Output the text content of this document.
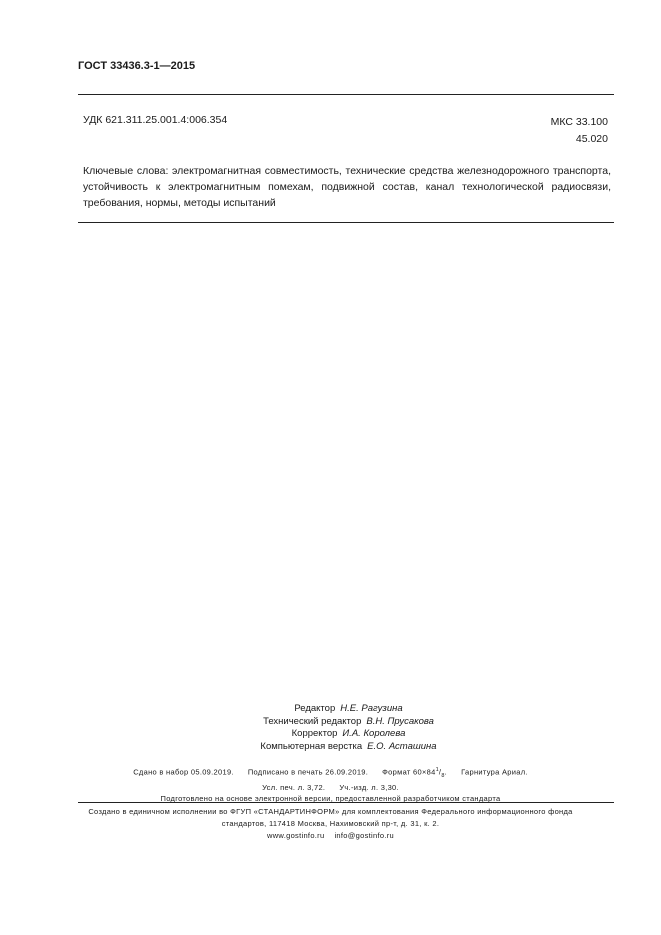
ГОСТ 33436.3-1—2015
УДК 621.311.25.001.4:006.354	МКС 33.100
45.020
Ключевые слова: электромагнитная совместимость, технические средства железнодорожного транспорта, устойчивость к электромагнитным помехам, подвижной состав, канал технологической радиосвязи, требования, нормы, методы испытаний
Редактор Н.Е. Рагузина
Технический редактор В.Н. Прусакова
Корректор И.А. Королева
Компьютерная верстка Е.О. Асташина
Сдано в набор 05.09.2019. Подписано в печать 26.09.2019. Формат $60\times 84^1/_8$. Гарнитура Ариал.
Усл. печ. л. 3,72. Уч.-изд. л. 3,30.
Подготовлено на основе электронной версии, предоставленной разработчиком стандарта
Создано в единичном исполнении во ФГУП «СТАНДАРТИНФОРМ» для комплектования Федерального информационного фонда
стандартов, 117418 Москва, Нахимовский пр-т, д. 31, к. 2.
www.gostinfo.ru info@gostinfo.ru
